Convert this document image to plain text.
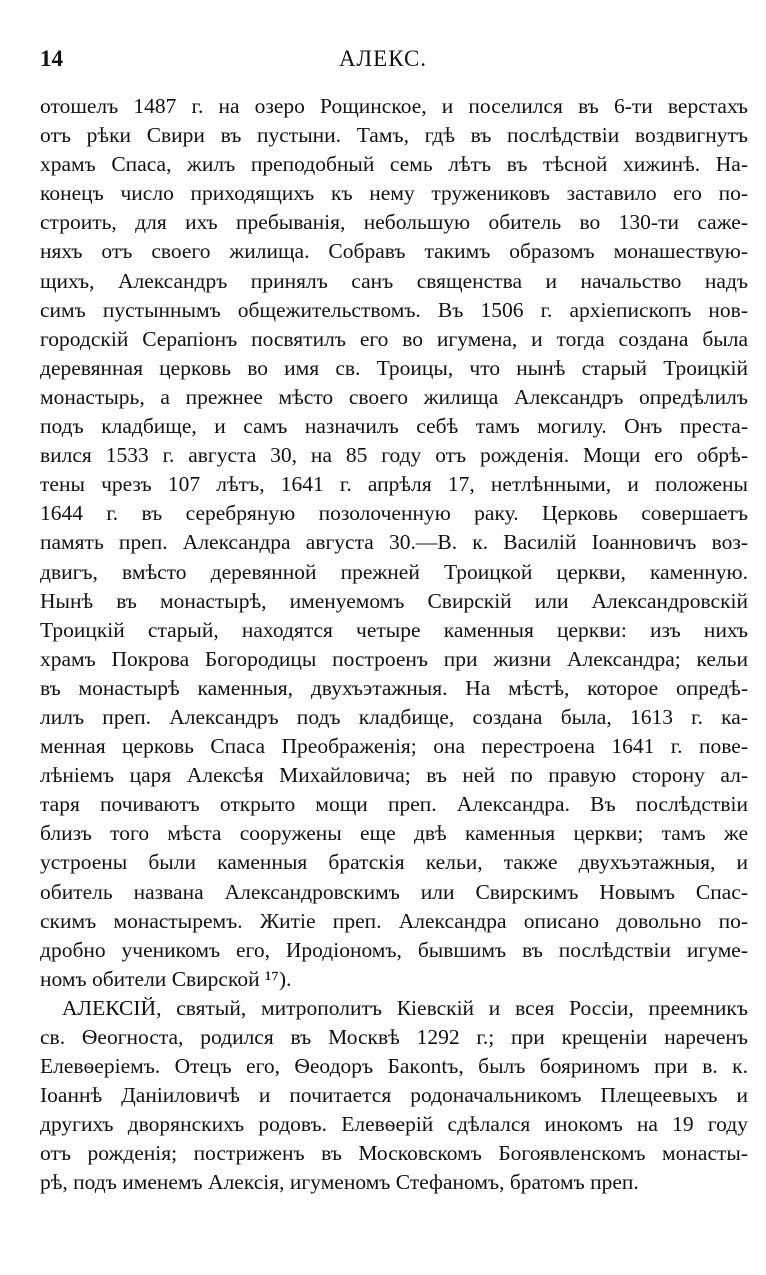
14	АЛЕКС.
отошелъ 1487 г. на озеро Рощинское, и поселился въ 6-ти верстахъ
отъ рѣки Свири въ пустыни. Тамъ, гдѣ въ послѣдствіи воздвигнутъ
храмъ Спаса, жилъ преподобный семь лѣтъ въ тѣсной хижинѣ. На-
конецъ число приходящихъ къ нему тружениковъ заставило его по-
строить, для ихъ пребыванія, небольшую обитель во 130-ти саже-
няхъ отъ своего жилища. Собравъ такимъ образомъ монашествую-
щихъ, Александръ принялъ санъ священства и начальство надъ
симъ пустыннымъ общежительствомъ. Въ 1506 г. архіепископъ нов-
городскій Серапіонъ посвятилъ его во игумена, и тогда создана была
деревянная церковь во имя св. Троицы, что нынѣ старый Троицкій
монастырь, а прежнее мѣсто своего жилища Александръ опредѣлилъ
подъ кладбище, и самъ назначилъ себѣ тамъ могилу. Онъ преста-
вился 1533 г. августа 30, на 85 году отъ рожденія. Мощи его обрѣ-
тены чрезъ 107 лѣтъ, 1641 г. апрѣля 17, нетлѣнными, и положены
1644 г. въ серебряную позолоченную раку. Церковь совершаетъ
память преп. Александра августа 30.—В. к. Василій Іоанновичъ воз-
двигъ, вмѣсто деревянной прежней Троицкой церкви, каменную.
Нынѣ въ монастырѣ, именуемомъ Свирскій или Александровскій
Троицкій старый, находятся четыре каменныя церкви: изъ нихъ
храмъ Покрова Богородицы построенъ при жизни Александра; кельи
въ монастырѣ каменныя, двухъэтажныя. На мѣстѣ, которое опредѣ-
лилъ преп. Александръ подъ кладбище, создана была, 1613 г. ка-
менная церковь Спаса Преображенія; она перестроена 1641 г. пове-
лѣніемъ царя Алексѣя Михайловича; въ ней по правую сторону ал-
таря почиваютъ открыто мощи преп. Александра. Въ послѣдствіи
близъ того мѣста сооружены еще двѣ каменныя церкви; тамъ же
устроены были каменныя братскія кельи, также двухъэтажныя, и
обитель названа Александровскимъ или Свирскимъ Новымъ Спас-
скимъ монастыремъ. Житіе преп. Александра описано довольно по-
дробно ученикомъ его, Иродіономъ, бывшимъ въ послѣдствіи игуме-
номъ обители Свирской ¹⁷).
АЛЕКСІЙ, святый, митрополитъ Кіевскій и всея Россіи, преемникъ
св. Ѳеогноста, родился въ Москвѣ 1292 г.; при крещеніи нареченъ
Елевѳеріемъ. Отецъ его, Ѳеодоръ Бакontъ, былъ бояриномъ при в. к.
Іоаннѣ Даніиловичѣ и почитается родоначальникомъ Плещеевыхъ и
другихъ дворянскихъ родовъ. Елевѳерій сдѣлался инокомъ на 19 году
отъ рожденія; постриженъ въ Московскомъ Богоявленскомъ монасты-
рѣ, подъ именемъ Алексія, игуменомъ Стефаномъ, братомъ преп.
